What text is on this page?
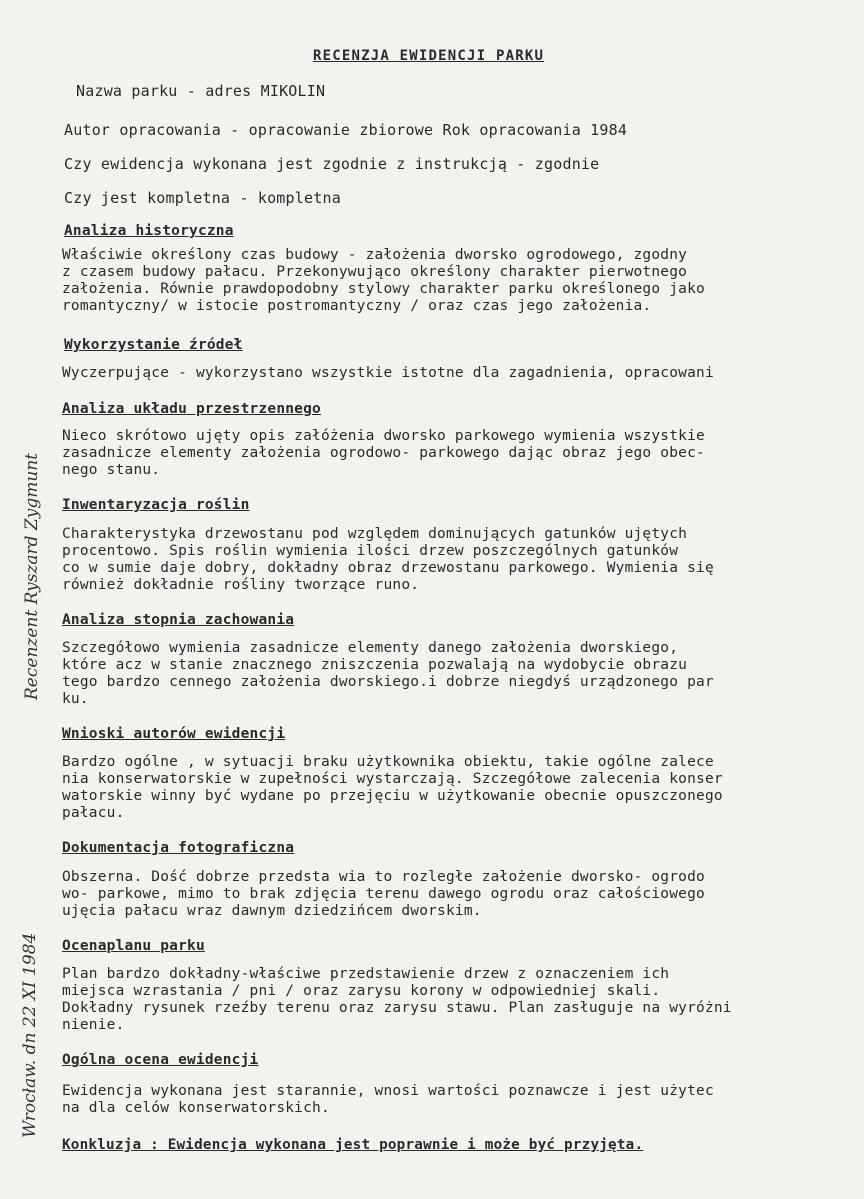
RECENZJA EWIDENCJI PARKU
Nazwa parku - adres MIKOLIN
Autor opracowania - opracowanie zbiorowe Rok opracowania 1984
Czy ewidencja wykonana jest zgodnie z instrukcją - zgodnie
Czy jest kompletna - kompletna
Analiza historyczna
Właściwie określony czas budowy - założenia dworsko ogrodowego, zgodny
z czasem budowy pałacu. Przekonywująco określony charakter pierwotnego
założenia. Równie prawdopodobny stylowy charakter parku określonego jako
romantyczny/ w istocie postromantyczny / oraz czas jego założenia.
Wykorzystanie źródeł
Wyczerpujące - wykorzystano wszystkie istotne dla zagadnienia, opracowani
Analiza układu przestrzennego
Nieco skrótowo ujęty opis załóżenia dworsko parkowego wymienia wszystkie
zasadnicze elementy założenia ogrodowo- parkowego dając obraz jego obec-
nego stanu.
Inwentaryzacja roślin
Charakterystyka drzewostanu pod względem dominujących gatunków ujętych
procentowo. Spis roślin wymienia ilości drzew poszczególnych gatunków
co w sumie daje dobry, dokładny obraz drzewostanu parkowego. Wymienia się
również dokładnie rośliny tworzące runo.
Analiza stopnia zachowania
Szczegółowo wymienia zasadnicze elementy danego założenia dworskiego,
które acz w stanie znacznego zniszczenia pozwalają na wydobycie obrazu
tego bardzo cennego założenia dworskiego.i dobrze niegdyś urządzonego par
ku.
Wnioski autorów ewidencji
Bardzo ogólne , w sytuacji braku użytkownika obiektu, takie ogólne zalece
nia konserwatorskie w zupełności wystarczają. Szczegółowe zalecenia konser
watorskie winny być wydane po przejęciu w użytkowanie obecnie opuszczonego
pałacu.
Dokumentacja fotograficzna
Obszerna. Dość dobrze przedsta wia to rozległe założenie dworsko- ogrodo
wo- parkowe, mimo to brak zdjęcia terenu dawego ogrodu oraz całościowego
ujęcia pałacu wraz dawnym dziedzińcem dworskim.
Ocenaplanu parku
Plan bardzo dokładny-właściwe przedstawienie drzew z oznaczeniem ich
miejsca wzrastania / pni / oraz zarysu korony w odpowiedniej skali.
Dokładny rysunek rzeźby terenu oraz zarysu stawu. Plan zasługuje na wyróżni
nienie.
Ogólna ocena ewidencji
Ewidencja wykonana jest starannie, wnosi wartości poznawcze i jest użytec
na dla celów konserwatorskich.
Konkluzja : Ewidencja wykonana jest poprawnie i może być przyjęta.
Recenzent Ryszard Zygmunt
Wrocław. dn 22 XI 1984
